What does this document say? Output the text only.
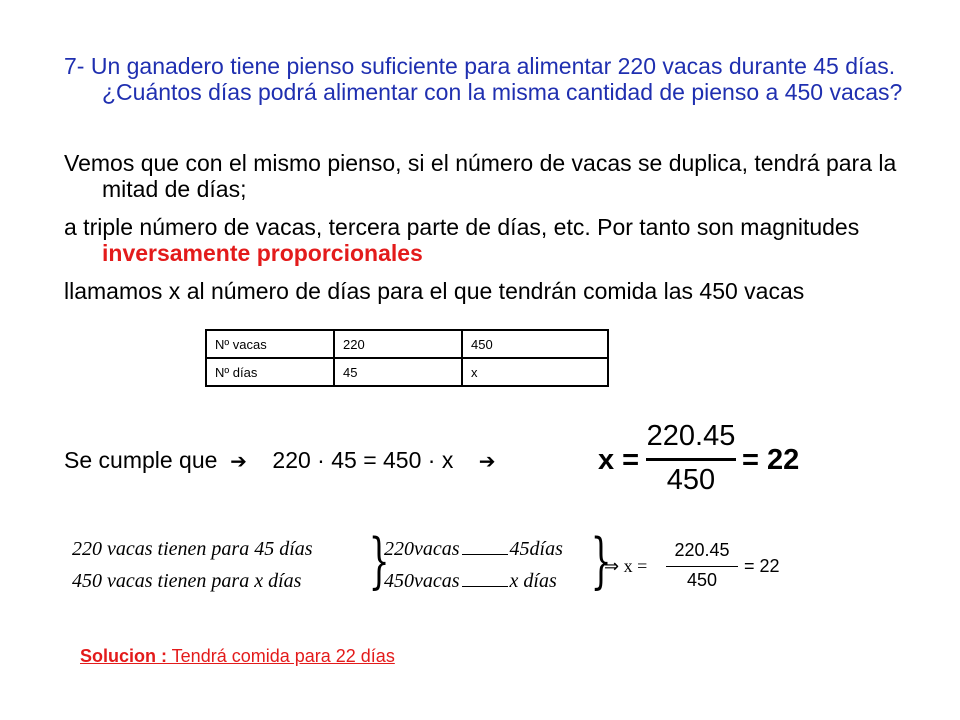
7- Un ganadero tiene pienso suficiente para alimentar 220 vacas durante 45 días. ¿Cuántos días podrá alimentar con la misma cantidad de pienso a 450 vacas?

Vemos que con el mismo pienso, si el número de vacas se duplica, tendrá para la mitad de días;

a triple número de vacas, tercera parte de días, etc. Por tanto son magnitudes inversamente proporcionales

llamamos x al número de días para el que tendrán comida las 450 vacas

Nº vacas	220	450
Nº días	45	x
Se cumple que  ➔    220 · 45 = 450 · x    ➔	x =
220.45
450
= 22
220 vacas tienen para 45 días
450 vacas tienen para x días }
220vacas	45días
450vacas	x días }
⇒ x =
220.45
450
= 22
Solucion : Tendrá comida para 22 días
